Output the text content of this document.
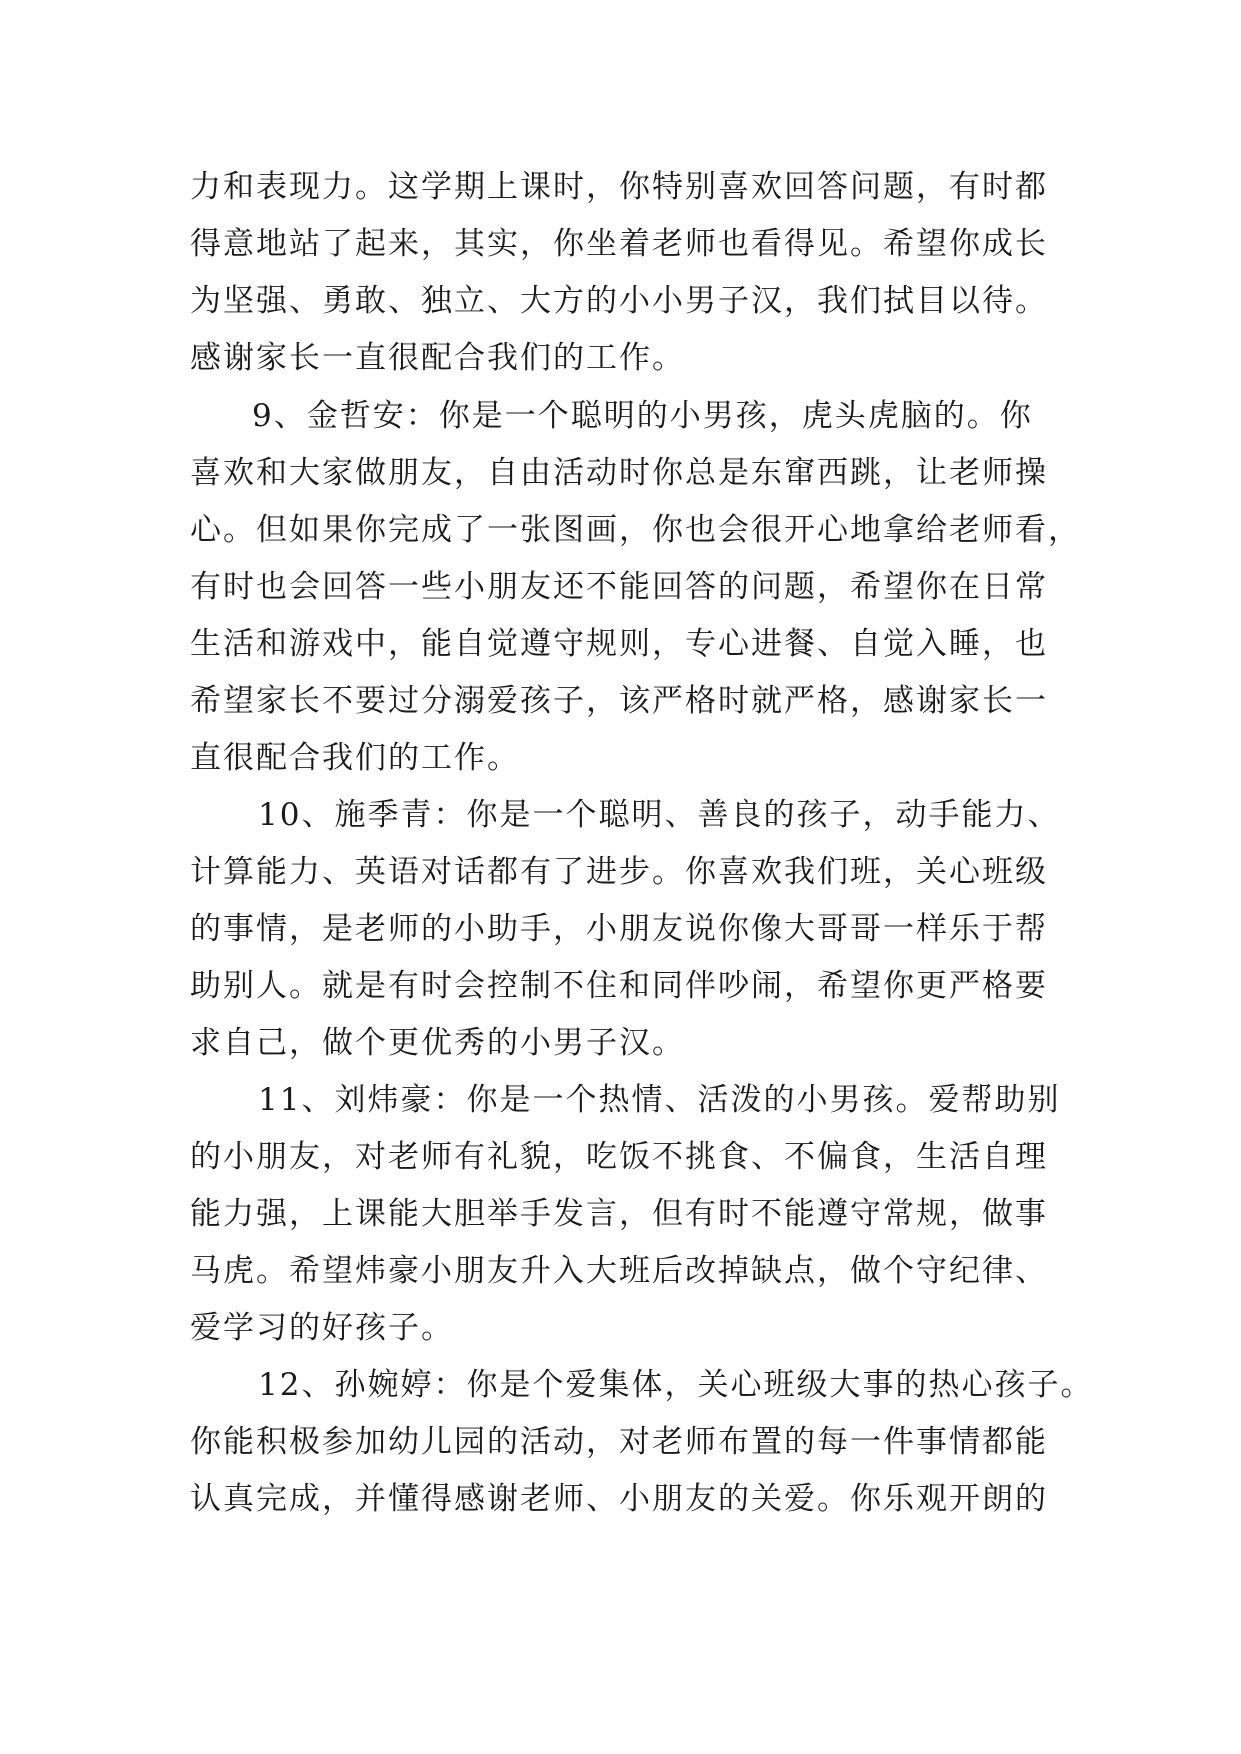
力和表现力。这学期上课时，你特别喜欢回答问题，有时都
得意地站了起来，其实，你坐着老师也看得见。希望你成长
为坚强、勇敢、独立、大方的小小男子汉，我们拭目以待。
感谢家长一直很配合我们的工作。
9、金哲安：你是一个聪明的小男孩，虎头虎脑的。你
喜欢和大家做朋友，自由活动时你总是东窜西跳，让老师操
心。但如果你完成了一张图画，你也会很开心地拿给老师看，
有时也会回答一些小朋友还不能回答的问题，希望你在日常
生活和游戏中，能自觉遵守规则，专心进餐、自觉入睡，也
希望家长不要过分溺爱孩子，该严格时就严格，感谢家长一
直很配合我们的工作。
10、施季青：你是一个聪明、善良的孩子，动手能力、
计算能力、英语对话都有了进步。你喜欢我们班，关心班级
的事情，是老师的小助手，小朋友说你像大哥哥一样乐于帮
助别人。就是有时会控制不住和同伴吵闹，希望你更严格要
求自己，做个更优秀的小男子汉。
11、刘炜豪：你是一个热情、活泼的小男孩。爱帮助别
的小朋友，对老师有礼貌，吃饭不挑食、不偏食，生活自理
能力强，上课能大胆举手发言，但有时不能遵守常规，做事
马虎。希望炜豪小朋友升入大班后改掉缺点，做个守纪律、
爱学习的好孩子。
12、孙婉婷：你是个爱集体，关心班级大事的热心孩子。
你能积极参加幼儿园的活动，对老师布置的每一件事情都能
认真完成，并懂得感谢老师、小朋友的关爱。你乐观开朗的
